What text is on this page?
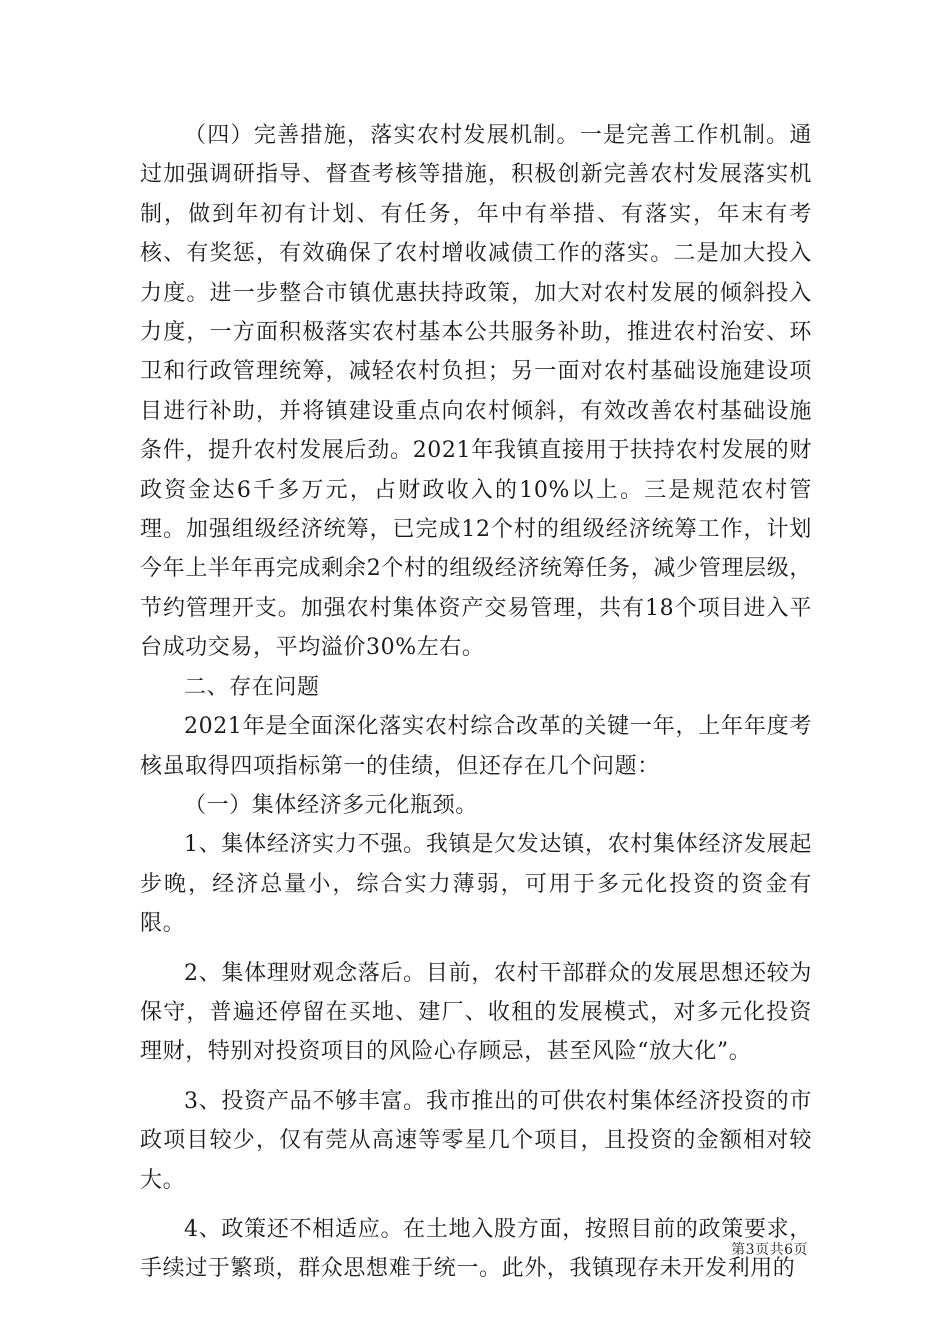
（四）完善措施，落实农村发展机制。一是完善工作机制。通过加强调研指导、督查考核等措施，积极创新完善农村发展落实机制，做到年初有计划、有任务，年中有举措、有落实，年末有考核、有奖惩，有效确保了农村增收减债工作的落实。二是加大投入力度。进一步整合市镇优惠扶持政策，加大对农村发展的倾斜投入力度，一方面积极落实农村基本公共服务补助，推进农村治安、环卫和行政管理统筹，减轻农村负担；另一面对农村基础设施建设项目进行补助，并将镇建设重点向农村倾斜，有效改善农村基础设施条件，提升农村发展后劲。2021年我镇直接用于扶持农村发展的财政资金达6千多万元，占财政收入的10%以上。三是规范农村管理。加强组级经济统筹，已完成12个村的组级经济统筹工作，计划今年上半年再完成剩余2个村的组级经济统筹任务，减少管理层级，节约管理开支。加强农村集体资产交易管理，共有18个项目进入平台成功交易，平均溢价30%左右。

二、存在问题

2021年是全面深化落实农村综合改革的关键一年，上年年度考核虽取得四项指标第一的佳绩，但还存在几个问题：

（一）集体经济多元化瓶颈。

1、集体经济实力不强。我镇是欠发达镇，农村集体经济发展起步晚，经济总量小，综合实力薄弱，可用于多元化投资的资金有限。

2、集体理财观念落后。目前，农村干部群众的发展思想还较为保守，普遍还停留在买地、建厂、收租的发展模式，对多元化投资理财，特别对投资项目的风险心存顾忌，甚至风险“放大化”。

3、投资产品不够丰富。我市推出的可供农村集体经济投资的市政项目较少，仅有莞从高速等零星几个项目，且投资的金额相对较大。

4、政策还不相适应。在土地入股方面，按照目前的政策要求，手续过于繁琐，群众思想难于统一。此外，我镇现存未开发利用的

第3页共6页
